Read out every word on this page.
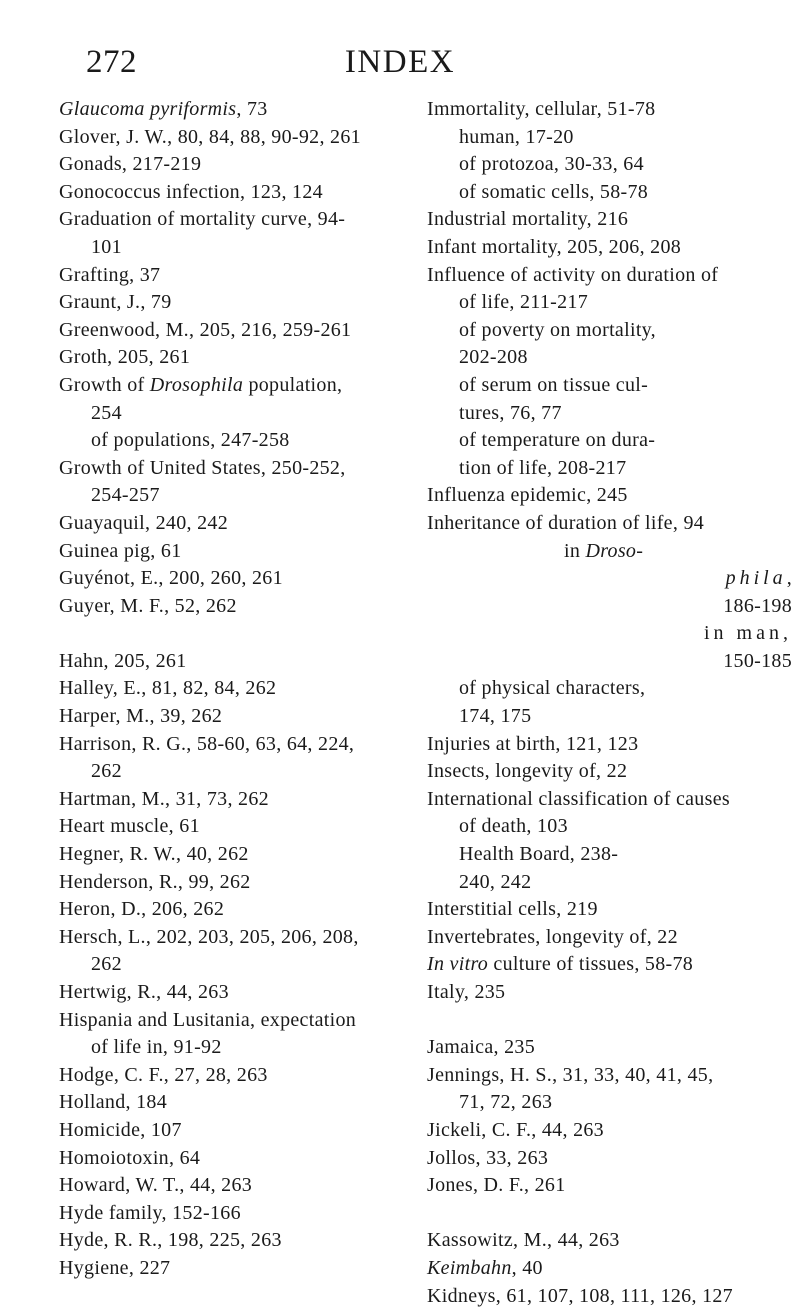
272	INDEX
Glaucoma pyriformis, 73
Glover, J. W., 80, 84, 88, 90-92, 261
Gonads, 217-219
Gonococcus infection, 123, 124
Graduation of mortality curve, 94-
101
Grafting, 37
Graunt, J., 79
Greenwood, M., 205, 216, 259-261
Groth, 205, 261
Growth of Drosophila population,
254
of populations, 247-258
Growth of United States, 250-252,
254-257
Guayaquil, 240, 242
Guinea pig, 61
Guyénot, E., 200, 260, 261
Guyer, M. F., 52, 262
Hahn, 205, 261
Halley, E., 81, 82, 84, 262
Harper, M., 39, 262
Harrison, R. G., 58-60, 63, 64, 224,
262
Hartman, M., 31, 73, 262
Heart muscle, 61
Hegner, R. W., 40, 262
Henderson, R., 99, 262
Heron, D., 206, 262
Hersch, L., 202, 203, 205, 206, 208,
262
Hertwig, R., 44, 263
Hispania and Lusitania, expectation
of life in, 91-92
Hodge, C. F., 27, 28, 263
Holland, 184
Homicide, 107
Homoiotoxin, 64
Howard, W. T., 44, 263
Hyde family, 152-166
Hyde, R. R., 198, 225, 263
Hygiene, 227
Immortality, cellular, 51-78
human, 17-20
of protozoa, 30-33, 64
of somatic cells, 58-78
Industrial mortality, 216
Infant mortality, 205, 206, 208
Influence of activity on duration of
of life, 211-217
of poverty on mortality,
202-208
of serum on tissue cul-
tures, 76, 77
of temperature on dura-
tion of life, 208-217
Influenza epidemic, 245
Inheritance of duration of life, 94
in Droso-
phila,
186-198
in man,
150-185
of physical characters,
174, 175
Injuries at birth, 121, 123
Insects, longevity of, 22
International classification of causes
of death, 103
Health Board, 238-
240, 242
Interstitial cells, 219
Invertebrates, longevity of, 22
In vitro culture of tissues, 58-78
Italy, 235
Jamaica, 235
Jennings, H. S., 31, 33, 40, 41, 45,
71, 72, 263
Jickeli, C. F., 44, 263
Jollos, 33, 263
Jones, D. F., 261
Kassowitz, M., 44, 263
Keimbahn, 40
Kidneys, 61, 107, 108, 111, 126, 127
